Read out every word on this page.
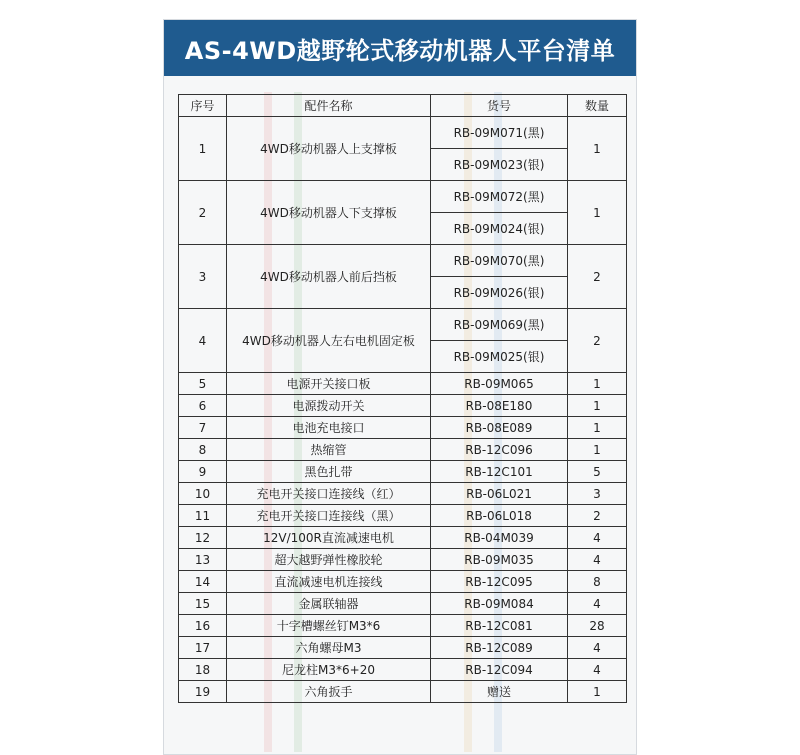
AS-4WD越野轮式移动机器人平台清单
序号	配件名称	货号	数量
1	4WD移动机器人上支撑板	RB-09M071(黑)	1
		RB-09M023(银)	
2	4WD移动机器人下支撑板	RB-09M072(黑)	1
		RB-09M024(银)	
3	4WD移动机器人前后挡板	RB-09M070(黑)	2
		RB-09M026(银)	
4	4WD移动机器人左右电机固定板	RB-09M069(黑)	2
		RB-09M025(银)	
5	电源开关接口板	RB-09M065	1
6	电源拨动开关	RB-08E180	1
7	电池充电接口	RB-08E089	1
8	热缩管	RB-12C096	1
9	黑色扎带	RB-12C101	5
10	充电开关接口连接线（红）	RB-06L021	3
11	充电开关接口连接线（黑）	RB-06L018	2
12	12V/100R直流减速电机	RB-04M039	4
13	超大越野弹性橡胶轮	RB-09M035	4
14	直流减速电机连接线	RB-12C095	8
15	金属联轴器	RB-09M084	4
16	十字槽螺丝钉M3*6	RB-12C081	28
17	六角螺母M3	RB-12C089	4
18	尼龙柱M3*6+20	RB-12C094	4
19	六角扳手	赠送	1
